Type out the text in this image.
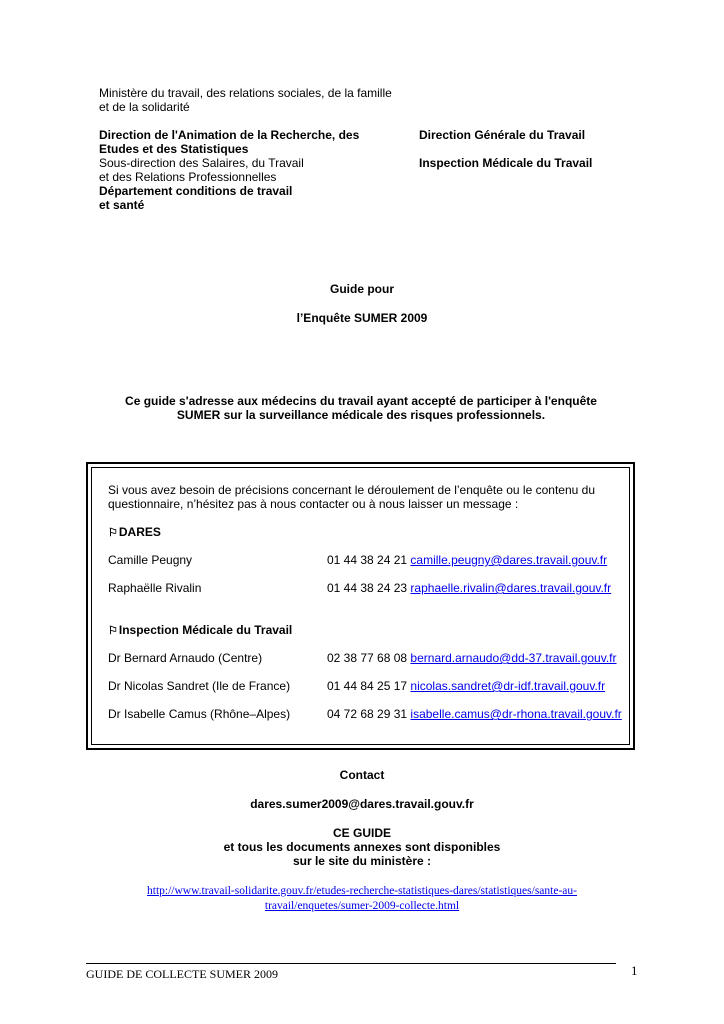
Ministère du travail, des relations sociales, de la famille
et de la solidarité
Direction de l'Animation de la Recherche, des
Etudes et des Statistiques
Sous-direction des Salaires, du Travail
et des Relations Professionnelles
Département conditions de travail
et santé
Direction Générale du Travail
Inspection Médicale du Travail
Guide pour
l’Enquête SUMER 2009
Ce guide s'adresse aux médecins du travail ayant accepté de participer à l'enquête
SUMER sur la surveillance médicale des risques professionnels.
Si vous avez besoin de précisions concernant le déroulement de l’enquête ou le contenu du
questionnaire, n’hésitez pas à nous contacter ou à nous laisser un message :
⚐DARES
Camille Peugny	01 44 38 24 21 camille.peugny@dares.travail.gouv.fr
Raphaëlle Rivalin	01 44 38 24 23 raphaelle.rivalin@dares.travail.gouv.fr
⚐Inspection Médicale du Travail
Dr Bernard Arnaudo (Centre)	02 38 77 68 08 bernard.arnaudo@dd-37.travail.gouv.fr
Dr Nicolas Sandret (Ile de France)	01 44 84 25 17 nicolas.sandret@dr-idf.travail.gouv.fr
Dr Isabelle Camus (Rhône–Alpes)	04 72 68 29 31 isabelle.camus@dr-rhona.travail.gouv.fr
Contact
dares.sumer2009@dares.travail.gouv.fr
CE GUIDE
et tous les documents annexes sont disponibles
sur le site du ministère :
http://www.travail-solidarite.gouv.fr/etudes-recherche-statistiques-dares/statistiques/sante-au-
travail/enquetes/sumer-2009-collecte.html
GUIDE DE COLLECTE SUMER 2009	1
